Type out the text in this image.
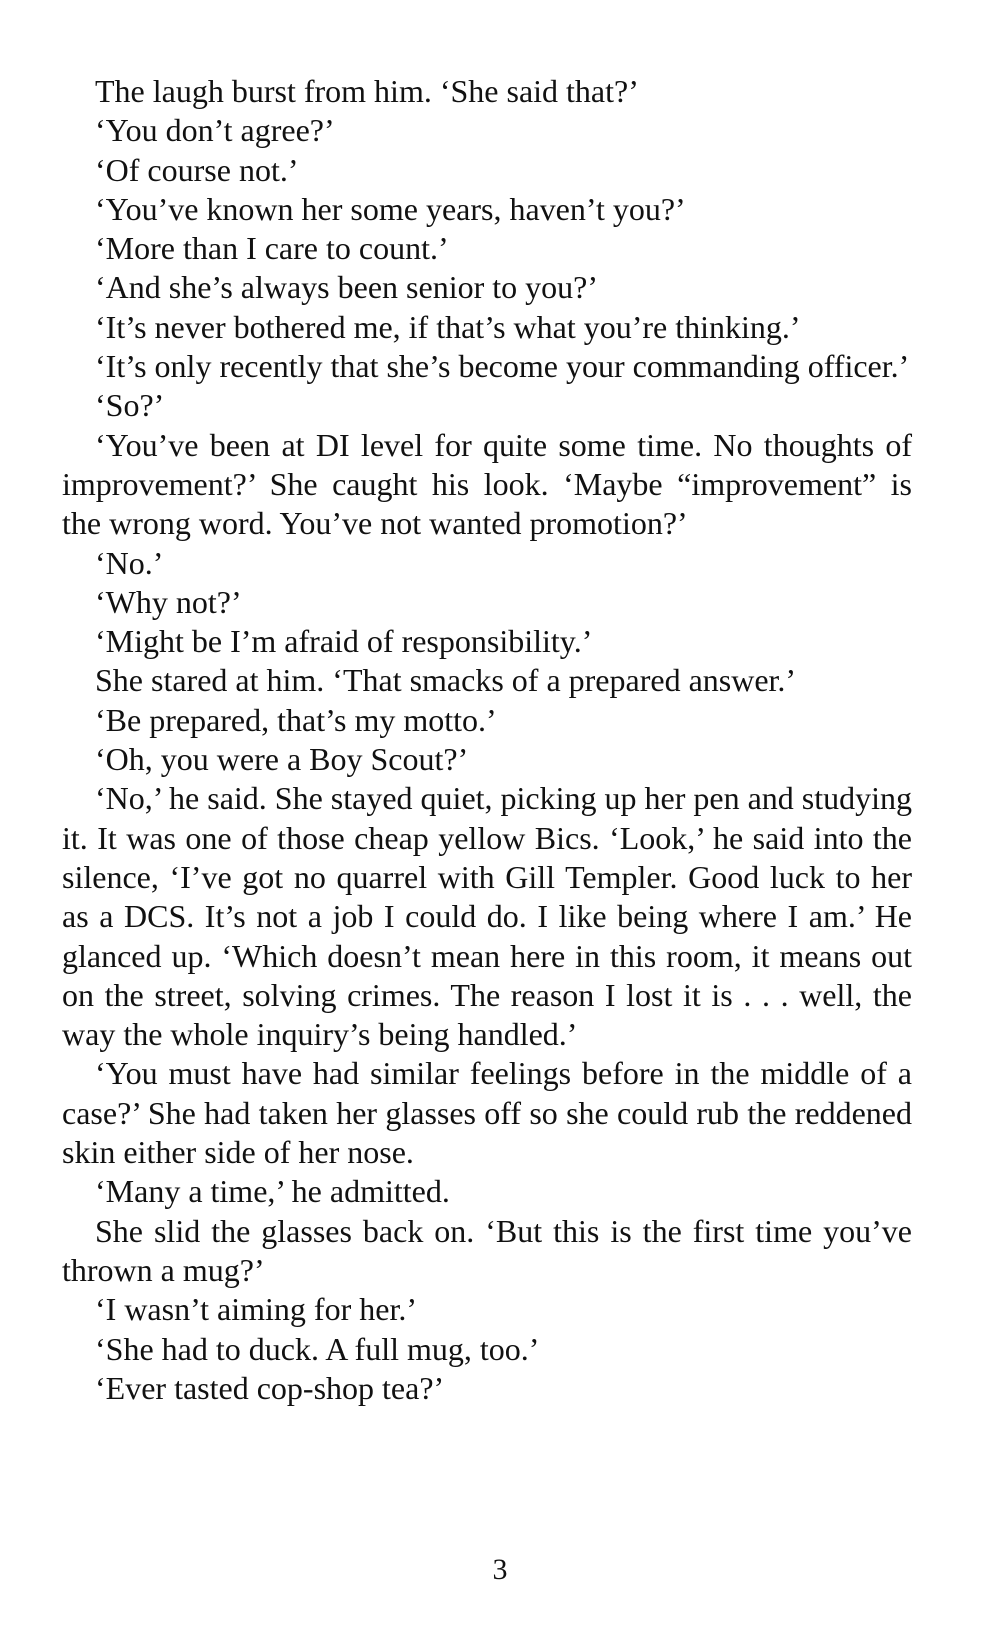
The laugh burst from him. ‘She said that?’

‘You don’t agree?’

‘Of course not.’

‘You’ve known her some years, haven’t you?’

‘More than I care to count.’

‘And she’s always been senior to you?’

‘It’s never bothered me, if that’s what you’re thinking.’

‘It’s only recently that she’s become your commanding officer.’

‘So?’

‘You’ve been at DI level for quite some time. No thoughts of improvement?’ She caught his look. ‘Maybe “improvement” is the wrong word. You’ve not wanted promotion?’

‘No.’

‘Why not?’

‘Might be I’m afraid of responsibility.’

She stared at him. ‘That smacks of a prepared answer.’

‘Be prepared, that’s my motto.’

‘Oh, you were a Boy Scout?’

‘No,’ he said. She stayed quiet, picking up her pen and studying it. It was one of those cheap yellow Bics. ‘Look,’ he said into the silence, ‘I’ve got no quarrel with Gill Templer. Good luck to her as a DCS. It’s not a job I could do. I like being where I am.’ He glanced up. ‘Which doesn’t mean here in this room, it means out on the street, solving crimes. The reason I lost it is . . . well, the way the whole inquiry’s being handled.’

‘You must have had similar feelings before in the middle of a case?’ She had taken her glasses off so she could rub the reddened skin either side of her nose.

‘Many a time,’ he admitted.

She slid the glasses back on. ‘But this is the first time you’ve thrown a mug?’

‘I wasn’t aiming for her.’

‘She had to duck. A full mug, too.’

‘Ever tasted cop-shop tea?’

3
